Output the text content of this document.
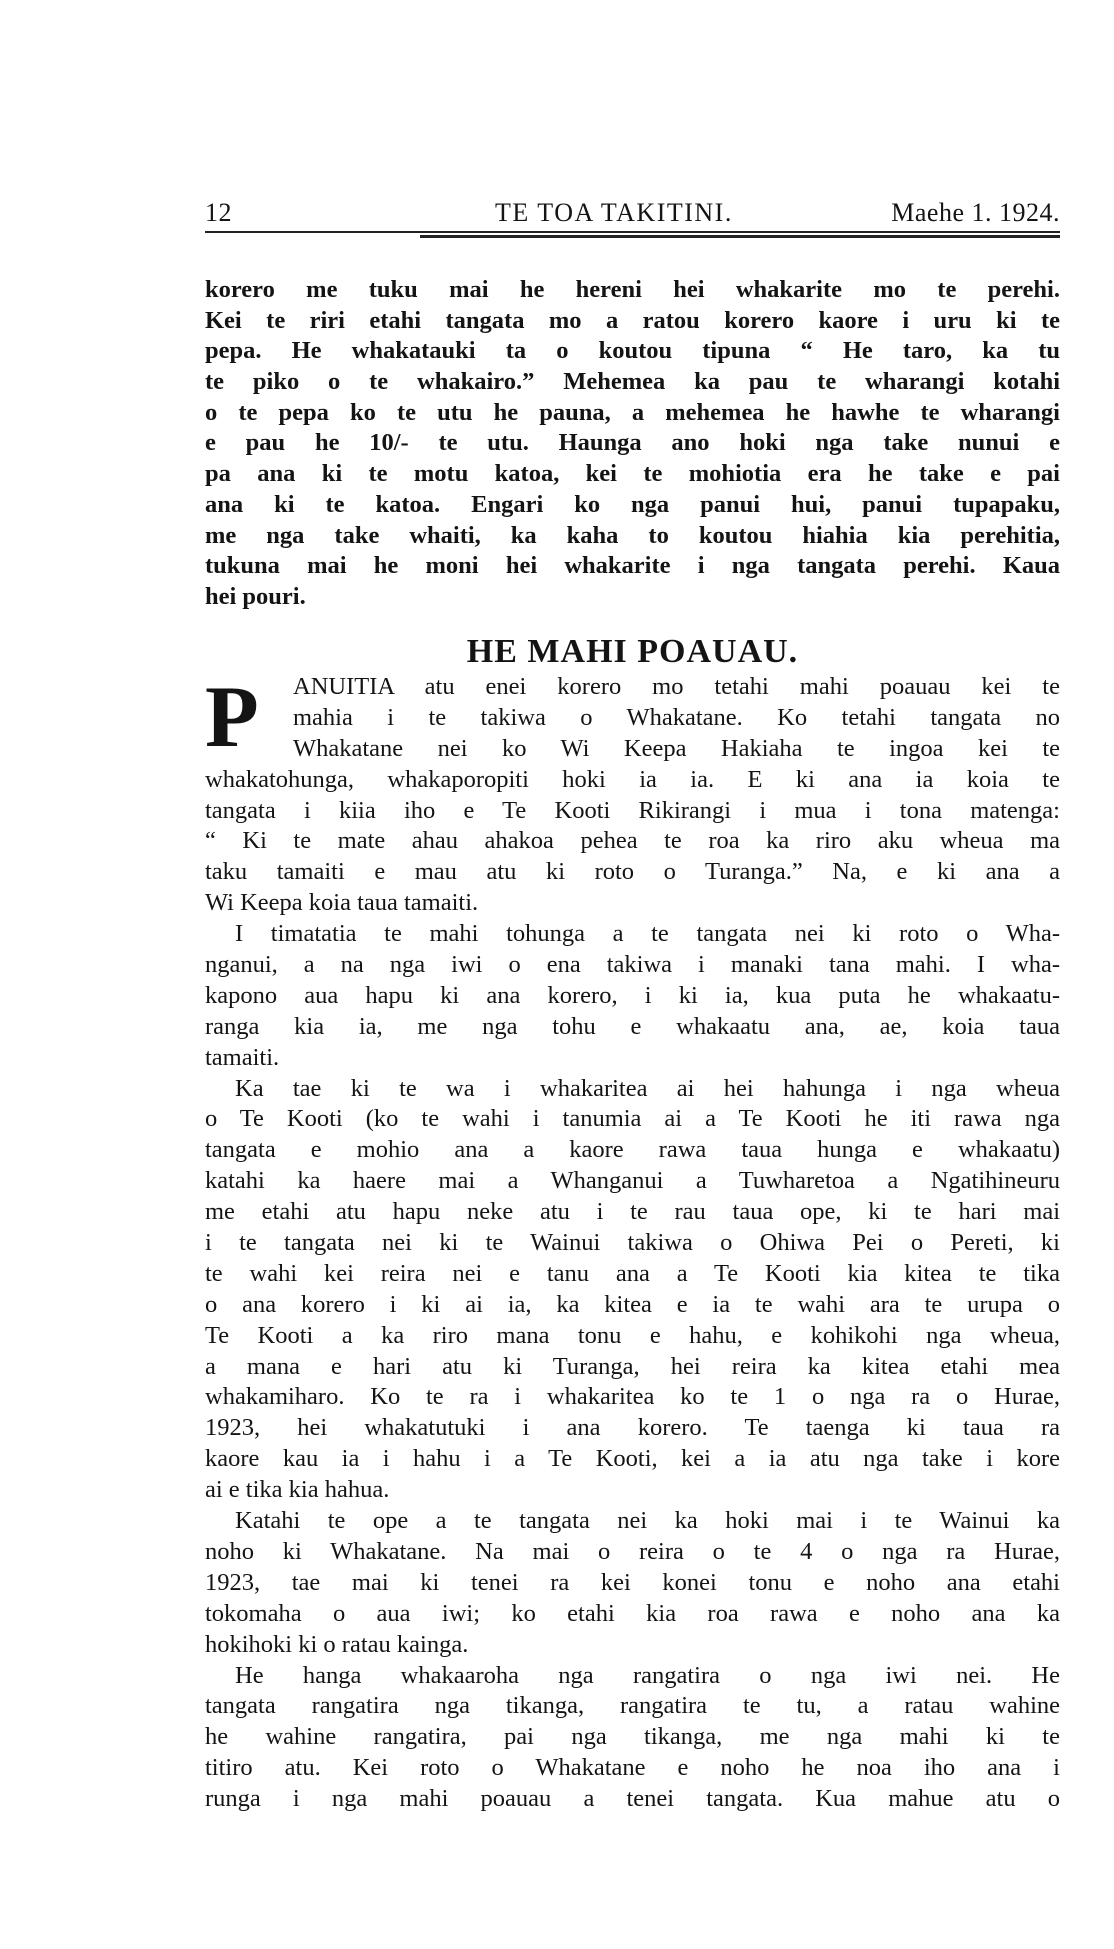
12	TE TOA TAKITINI.	Maehe 1. 1924.
korero me tuku mai he hereni hei whakarite mo te perehi.
Kei te riri etahi tangata mo a ratou korero kaore i uru ki te
pepa. He whakatauki ta o koutou tipuna “ He taro, ka tu
te piko o te whakairo.” Mehemea ka pau te wharangi kotahi
o te pepa ko te utu he pauna, a mehemea he hawhe te wharangi
e pau he 10/- te utu. Haunga ano hoki nga take nunui e
pa ana ki te motu katoa, kei te mohiotia era he take e pai
ana ki te katoa. Engari ko nga panui hui, panui tupapaku,
me nga take whaiti, ka kaha to koutou hiahia kia perehitia,
tukuna mai he moni hei whakarite i nga tangata perehi. Kaua
hei pouri.
HE MAHI POAUAU.
P	ANUITIA atu enei korero mo tetahi mahi poauau kei te
mahia i te takiwa o Whakatane. Ko tetahi tangata no
Whakatane nei ko Wi Keepa Hakiaha te ingoa kei te
whakatohunga, whakaporopiti hoki ia ia. E ki ana ia koia te
tangata i kiia iho e Te Kooti Rikirangi i mua i tona matenga:
“ Ki te mate ahau ahakoa pehea te roa ka riro aku wheua ma
taku tamaiti e mau atu ki roto o Turanga.” Na, e ki ana a
Wi Keepa koia taua tamaiti.
I timatatia te mahi tohunga a te tangata nei ki roto o Wha-
nganui, a na nga iwi o ena takiwa i manaki tana mahi. I wha-
kapono aua hapu ki ana korero, i ki ia, kua puta he whakaatu-
ranga kia ia, me nga tohu e whakaatu ana, ae, koia taua
tamaiti.
Ka tae ki te wa i whakaritea ai hei hahunga i nga wheua
o Te Kooti (ko te wahi i tanumia ai a Te Kooti he iti rawa nga
tangata e mohio ana a kaore rawa taua hunga e whakaatu)
katahi ka haere mai a Whanganui a Tuwharetoa a Ngatihineuru
me etahi atu hapu neke atu i te rau taua ope, ki te hari mai
i te tangata nei ki te Wainui takiwa o Ohiwa Pei o Pereti, ki
te wahi kei reira nei e tanu ana a Te Kooti kia kitea te tika
o ana korero i ki ai ia, ka kitea e ia te wahi ara te urupa o
Te Kooti a ka riro mana tonu e hahu, e kohikohi nga wheua,
a mana e hari atu ki Turanga, hei reira ka kitea etahi mea
whakamiharo. Ko te ra i whakaritea ko te 1 o nga ra o Hurae,
1923, hei whakatutuki i ana korero. Te taenga ki taua ra
kaore kau ia i hahu i a Te Kooti, kei a ia atu nga take i kore
ai e tika kia hahua.
Katahi te ope a te tangata nei ka hoki mai i te Wainui ka
noho ki Whakatane. Na mai o reira o te 4 o nga ra Hurae,
1923, tae mai ki tenei ra kei konei tonu e noho ana etahi
tokomaha o aua iwi; ko etahi kia roa rawa e noho ana ka
hokihoki ki o ratau kainga.
He hanga whakaaroha nga rangatira o nga iwi nei. He
tangata rangatira nga tikanga, rangatira te tu, a ratau wahine
he wahine rangatira, pai nga tikanga, me nga mahi ki te
titiro atu. Kei roto o Whakatane e noho he noa iho ana i
runga i nga mahi poauau a tenei tangata. Kua mahue atu o
